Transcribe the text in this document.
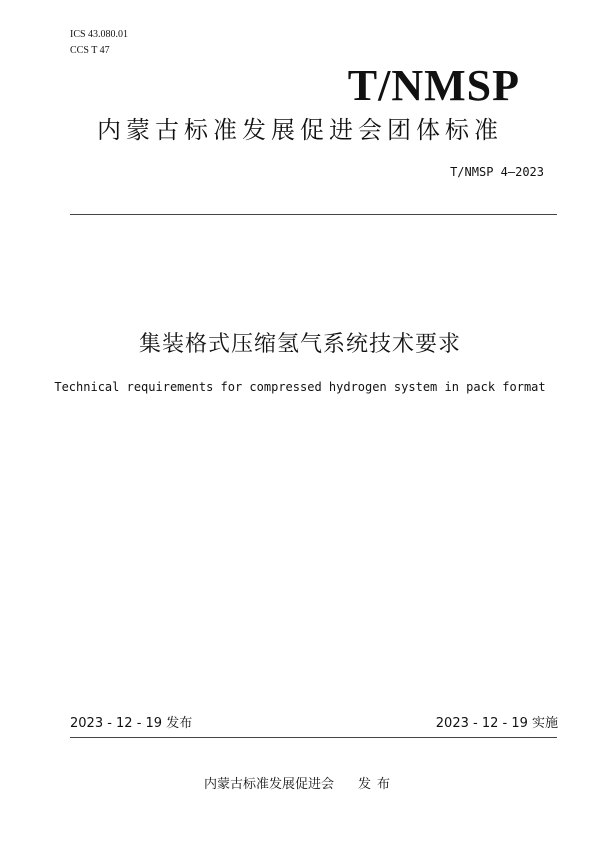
ICS 43.080.01
CCS T 47
T/NMSP
内蒙古标准发展促进会团体标准
T/NMSP 4—2023
集装格式压缩氢气系统技术要求
Technical requirements for compressed hydrogen system in pack format
2023 - 12 - 19 发布	2023 - 12 - 19 实施
内蒙古标准发展促进会 发布
